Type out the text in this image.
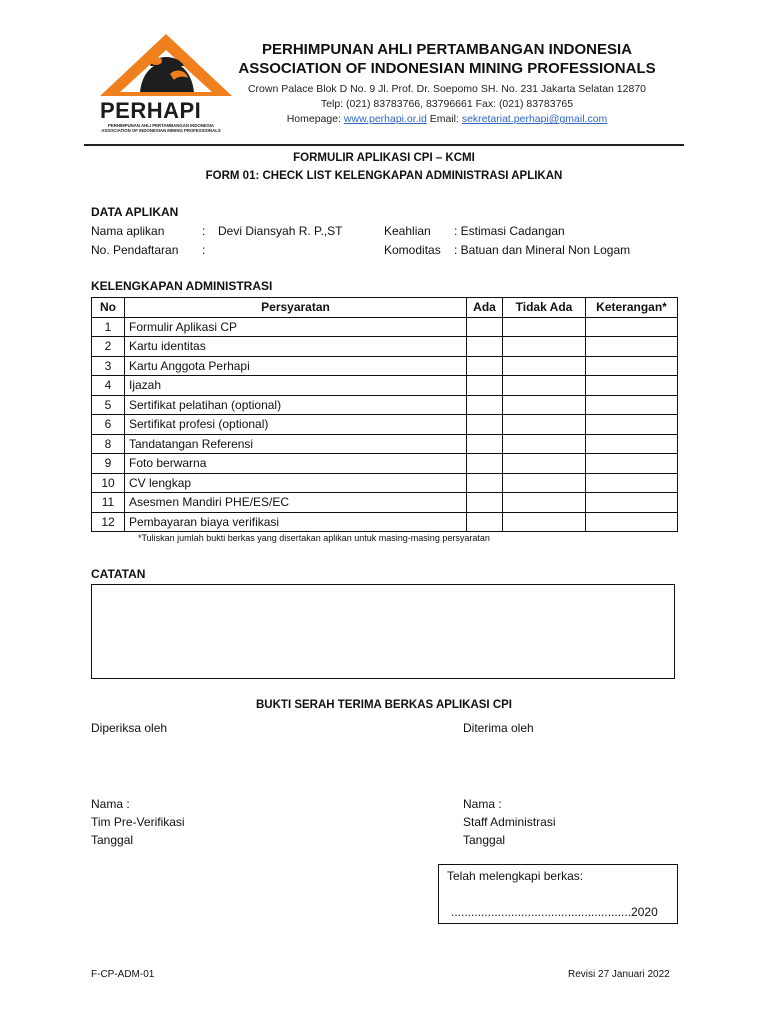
PERHAPI
PERHIMPUNAN AHLI PERTAMBANGAN INDONESIA
ASSOCIATION OF INDONESIAN MINING PROFESSIONALS
PERHIMPUNAN AHLI PERTAMBANGAN INDONESIA
ASSOCIATION OF INDONESIAN MINING PROFESSIONALS
Crown Palace Blok D No. 9 Jl. Prof. Dr. Soepomo SH. No. 231 Jakarta Selatan 12870
Telp: (021) 83783766, 83796661 Fax: (021) 83783765
Homepage: www.perhapi.or.id Email: sekretariat.perhapi@gmail.com
FORMULIR APLIKASI CPI – KCMI
FORM 01: CHECK LIST KELENGKAPAN ADMINISTRASI APLIKAN
DATA APLIKAN
Nama aplikan	: Devi Diansyah R. P.,ST
No. Pendaftaran :
Keahlian : Estimasi Cadangan
Komoditas : Batuan dan Mineral Non Logam
KELENGKAPAN ADMINISTRASI
No	Persyaratan	Ada	Tidak Ada	Keterangan*
1	Formulir Aplikasi CP			
2	Kartu identitas			
3	Kartu Anggota Perhapi			
4	Ijazah			
5	Sertifikat pelatihan (optional)			
6	Sertifikat profesi (optional)			
8	Tandatangan Referensi			
9	Foto berwarna			
10	CV lengkap			
11	Asesmen Mandiri PHE/ES/EC			
12	Pembayaran biaya verifikasi			
*Tuliskan jumlah bukti berkas yang disertakan aplikan untuk masing-masing persyaratan
CATATAN
BUKTI SERAH TERIMA BERKAS APLIKASI CPI
Diperiksa oleh
Nama :
Tim Pre-Verifikasi
Tanggal
Diterima oleh
Nama :
Staff Administrasi
Tanggal
Telah melengkapi berkas:
......................................................2020
F-CP-ADM-01	Revisi 27 Januari 2022
